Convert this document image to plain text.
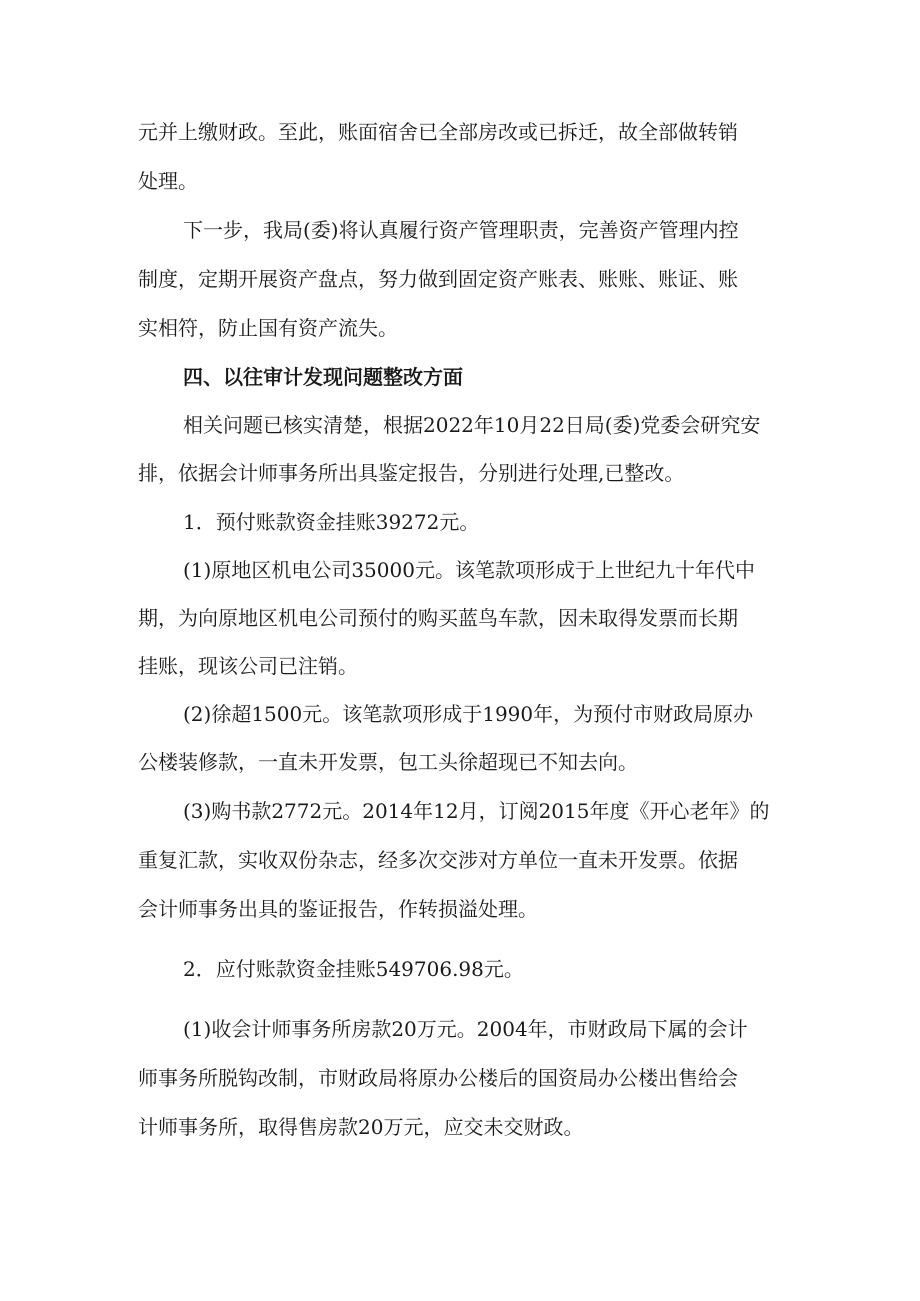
元并上缴财政。至此，账面宿舍已全部房改或已拆迁，故全部做转销
处理。
下一步，我局(委)将认真履行资产管理职责，完善资产管理内控
制度，定期开展资产盘点，努力做到固定资产账表、账账、账证、账
实相符，防止国有资产流失。
四、以往审计发现问题整改方面
相关问题已核实清楚，根据2022年10月22日局(委)党委会研究安
排，依据会计师事务所出具鉴定报告，分别进行处理,已整改。
1．预付账款资金挂账39272元。
(1)原地区机电公司35000元。该笔款项形成于上世纪九十年代中
期，为向原地区机电公司预付的购买蓝鸟车款，因未取得发票而长期
挂账，现该公司已注销。
(2)徐超1500元。该笔款项形成于1990年，为预付市财政局原办
公楼装修款，一直未开发票，包工头徐超现已不知去向。
(3)购书款2772元。2014年12月，订阅2015年度《开心老年》的
重复汇款，实收双份杂志，经多次交涉对方单位一直未开发票。依据
会计师事务出具的鉴证报告，作转损溢处理。
2．应付账款资金挂账549706.98元。
(1)收会计师事务所房款20万元。2004年，市财政局下属的会计
师事务所脱钩改制，市财政局将原办公楼后的国资局办公楼出售给会
计师事务所，取得售房款20万元，应交未交财政。
